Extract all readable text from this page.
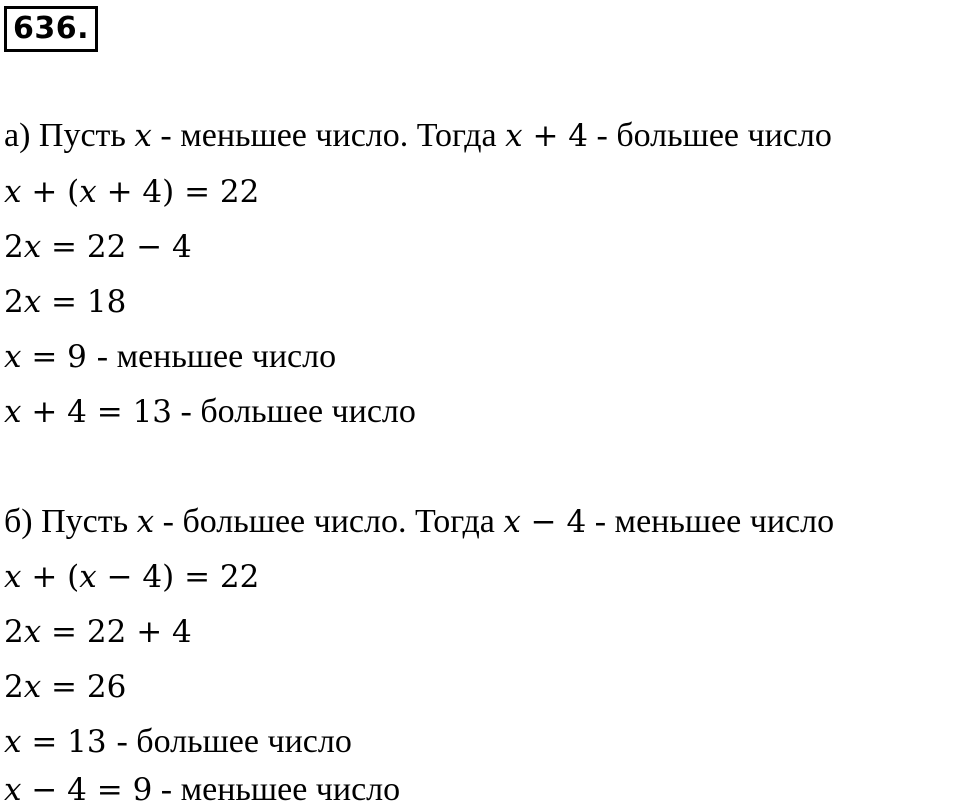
636.
а) Пусть 𝑥 - меньшее число. Тогда 𝑥 + 4 - большее число
𝑥 + (𝑥 + 4) = 22
2𝑥 = 22 − 4
2𝑥 = 18
𝑥 = 9 - меньшее число
𝑥 + 4 = 13 - большее число
б) Пусть 𝑥 - большее число. Тогда 𝑥 − 4 - меньшее число
𝑥 + (𝑥 − 4) = 22
2𝑥 = 22 + 4
2𝑥 = 26
𝑥 = 13 - большее число
𝑥 − 4 = 9 - меньшее число
